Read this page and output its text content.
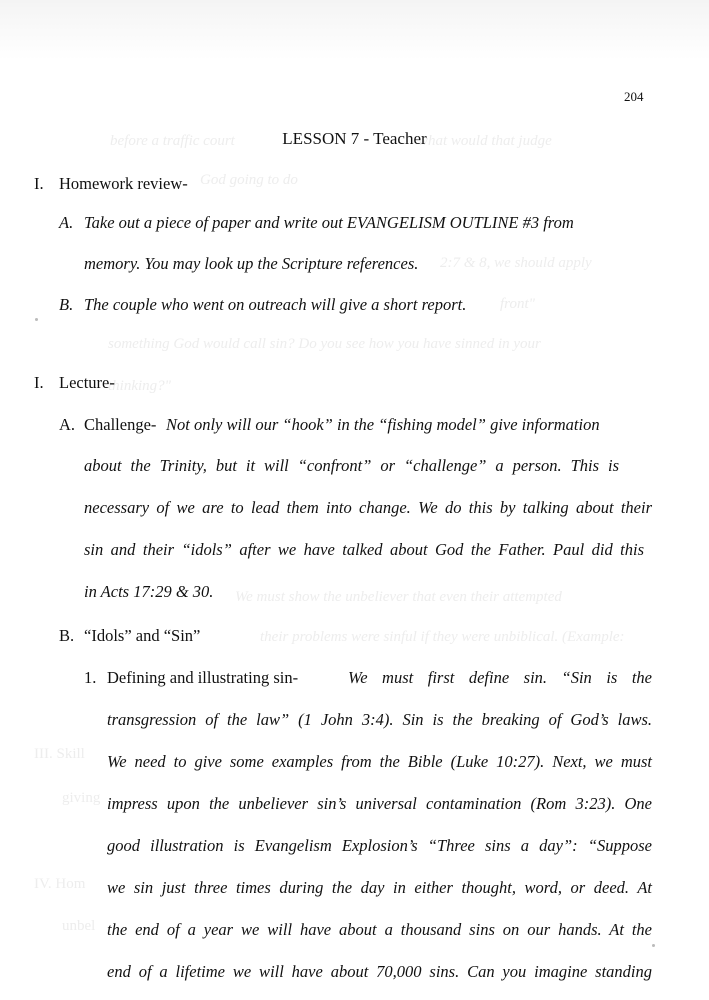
before a traffic court	what would that judge
God going to do
2:7 & 8, we should apply
front"
something God would call sin? Do you see how you have sinned in your
thinking?"
We must show the unbeliever that even their attempted
their problems were sinful if they were unbiblical. (Example:
III. Skill
giving
IV. Hom
unbel
204
LESSON 7 - Teacher
I. Homework review-
A. Take out a piece of paper and write out EVANGELISM OUTLINE #3 from
memory. You may look up the Scripture references.
B. The couple who went on outreach will give a short report.
I. Lecture-
A. Challenge- Not only will our “hook” in the “fishing model” give information
about the Trinity, but it will “confront” or “challenge” a person. This is
necessary of we are to lead them into change. We do this by talking about their
sin and their “idols” after we have talked about God the Father. Paul did this
in Acts 17:29 & 30.
B. “Idols” and “Sin”
1. Defining and illustrating sin-	We must first define sin. “Sin is the
transgression of the law” (1 John 3:4). Sin is the breaking of God’s laws.
We need to give some examples from the Bible (Luke 10:27). Next, we must
impress upon the unbeliever sin’s universal contamination (Rom 3:23). One
good illustration is Evangelism Explosion’s “Three sins a day”: “Suppose
we sin just three times during the day in either thought, word, or deed. At
the end of a year we will have about a thousand sins on our hands. At the
end of a lifetime we will have about 70,000 sins. Can you imagine standing
